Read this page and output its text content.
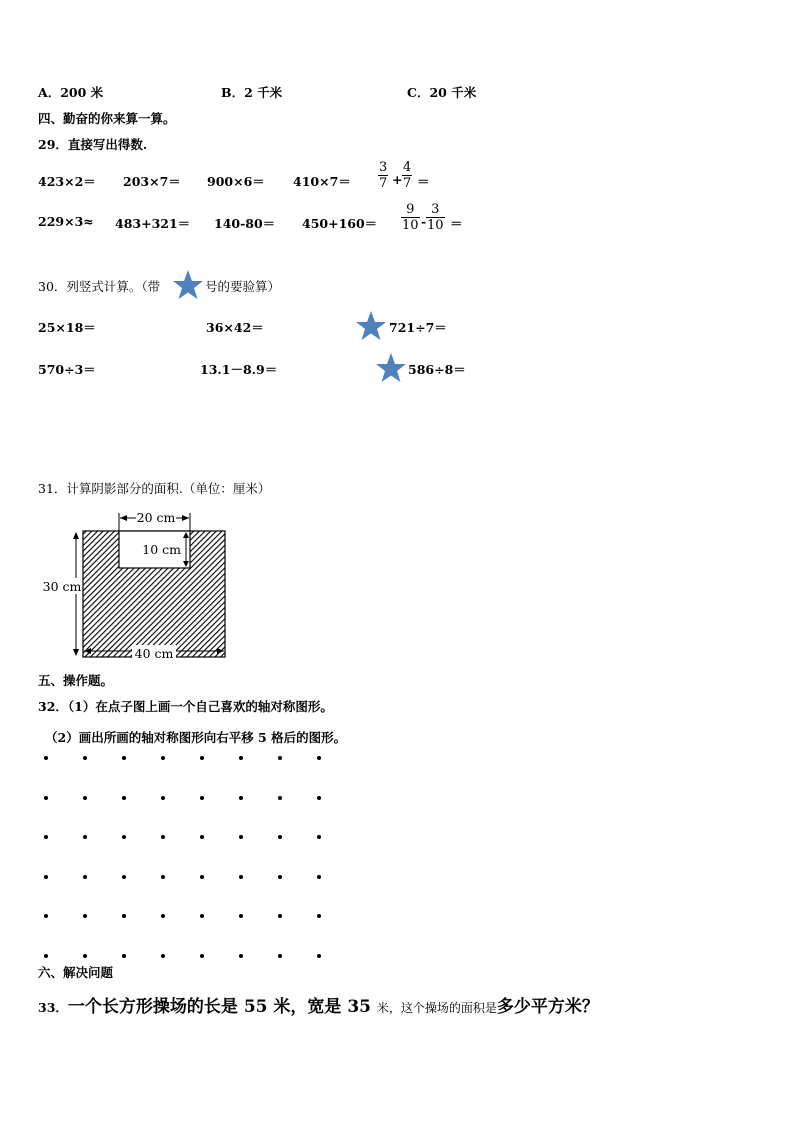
A．200 米	B．2 千米	C．20 千米
四、勤奋的你来算一算。
29．直接写出得数.
$423\times 2= 203\times 7= 900\times 6= 410\times 7= \frac{3}{7} + \frac{4}{7}$ ＝
$229\times 3\approx 483+321= 140-80= 450+160= \frac{9}{10} - \frac{3}{10}$ ＝
30．列竖式计算。（带	号的要验算）
25×18＝	36×42＝	721÷7＝
570÷3＝	13.1－8.9＝	586÷8＝
31．计算阴影部分的面积.（单位：厘米）
20 cm
10 cm
30 cm
40 cm
五、操作题。
32．（1）在点子图上画一个自己喜欢的轴对称图形。
（2）画出所画的轴对称图形向右平移 5 格后的图形。
六、解决问题
33．一个长方形操场的长是 55 米，宽是 35 米，这个操场的面积是多少平方米？
